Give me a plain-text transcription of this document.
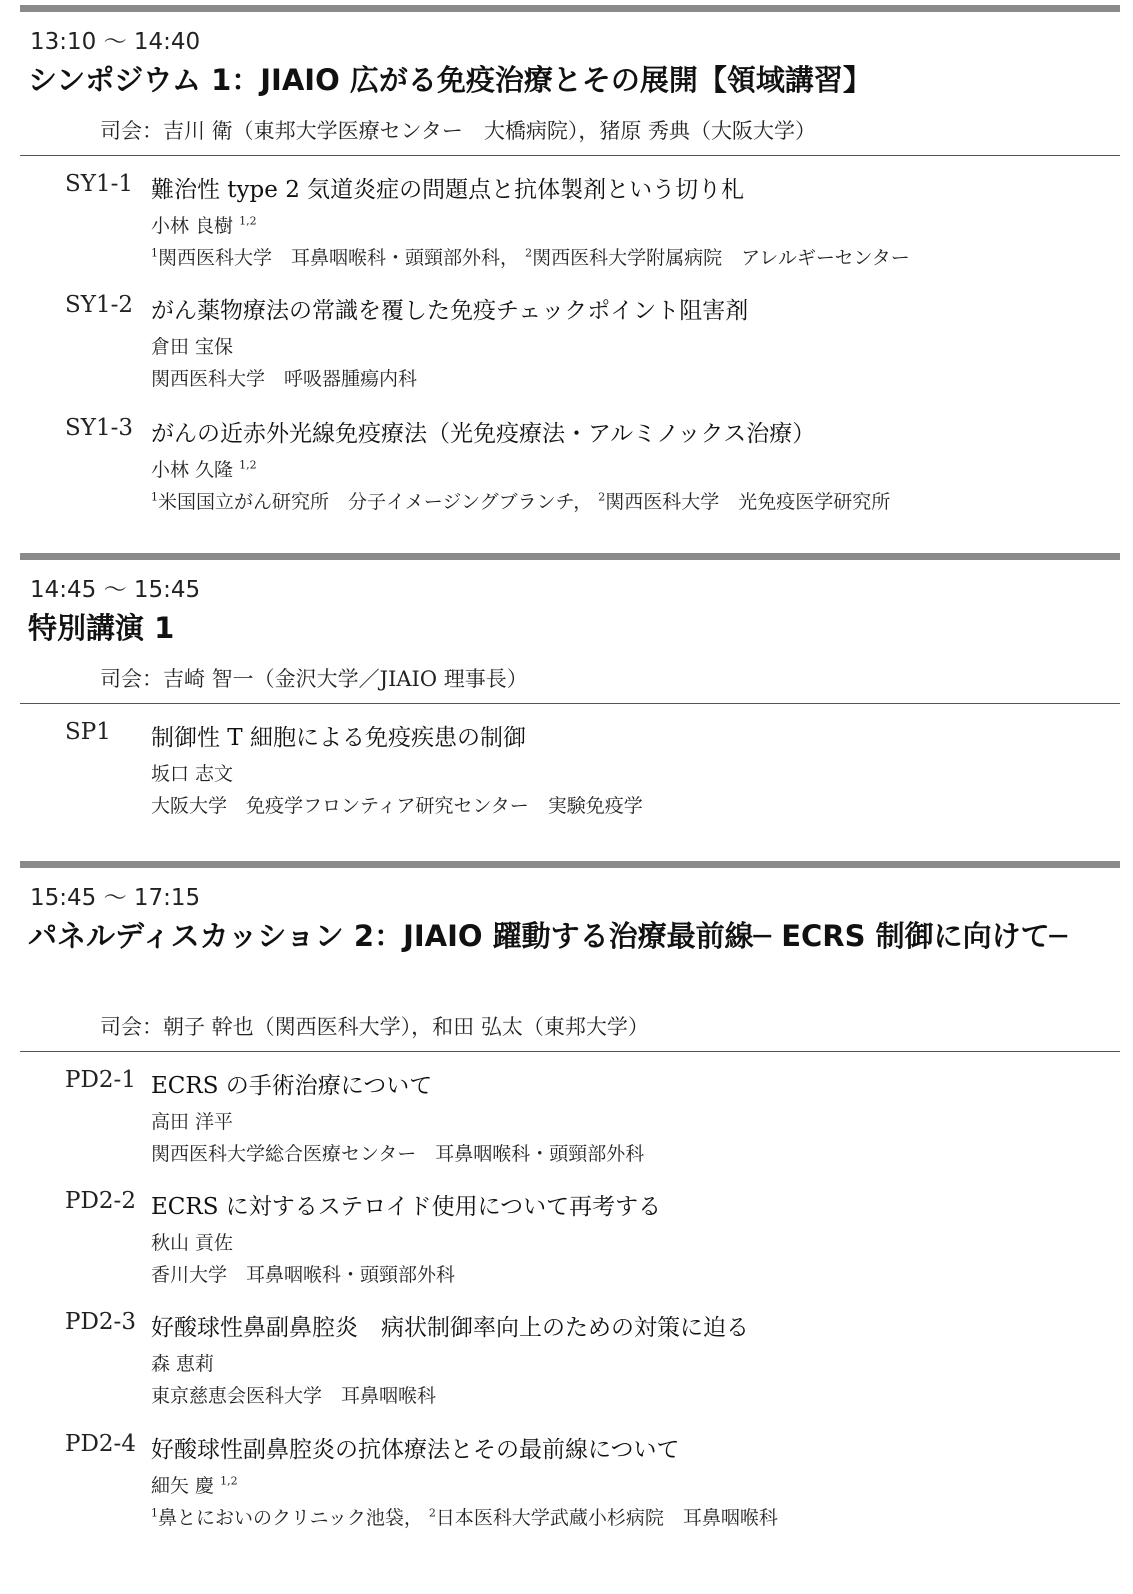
13:10 〜 14:40
シンポジウム 1：JIAIO 広がる免疫治療とその展開【領域講習】
司会：吉川 衛（東邦大学医療センター　大橋病院），猪原 秀典（大阪大学）
SY1-1 難治性 type 2 気道炎症の問題点と抗体製剤という切り札
小林 良樹 $^{1,2}$
$^1$関西医科大学　耳鼻咽喉科・頭頸部外科， $^2$関西医科大学附属病院　アレルギーセンター
SY1-2 がん薬物療法の常識を覆した免疫チェックポイント阻害剤
倉田 宝保
関西医科大学　呼吸器腫瘍内科
SY1-3 がんの近赤外光線免疫療法（光免疫療法・アルミノックス治療）
小林 久隆 $^{1,2}$
$^1$米国国立がん研究所　分子イメージングブランチ， $^2$関西医科大学　光免疫医学研究所
14:45 〜 15:45
特別講演 1
司会：吉崎 智一（金沢大学／JIAIO 理事長）
SP1 制御性 T 細胞による免疫疾患の制御
坂口 志文
大阪大学　免疫学フロンティア研究センター　実験免疫学
15:45 〜 17:15
パネルディスカッション 2：JIAIO 躍動する治療最前線─ ECRS 制御に向けて─
司会：朝子 幹也（関西医科大学），和田 弘太（東邦大学）
PD2-1 ECRS の手術治療について
高田 洋平
関西医科大学総合医療センター　耳鼻咽喉科・頭頸部外科
PD2-2 ECRS に対するステロイド使用について再考する
秋山 貢佐
香川大学　耳鼻咽喉科・頭頸部外科
PD2-3 好酸球性鼻副鼻腔炎　病状制御率向上のための対策に迫る
森 恵莉
東京慈恵会医科大学　耳鼻咽喉科
PD2-4 好酸球性副鼻腔炎の抗体療法とその最前線について
細矢 慶 $^{1,2}$
$^1$鼻とにおいのクリニック池袋， $^2$日本医科大学武蔵小杉病院　耳鼻咽喉科
